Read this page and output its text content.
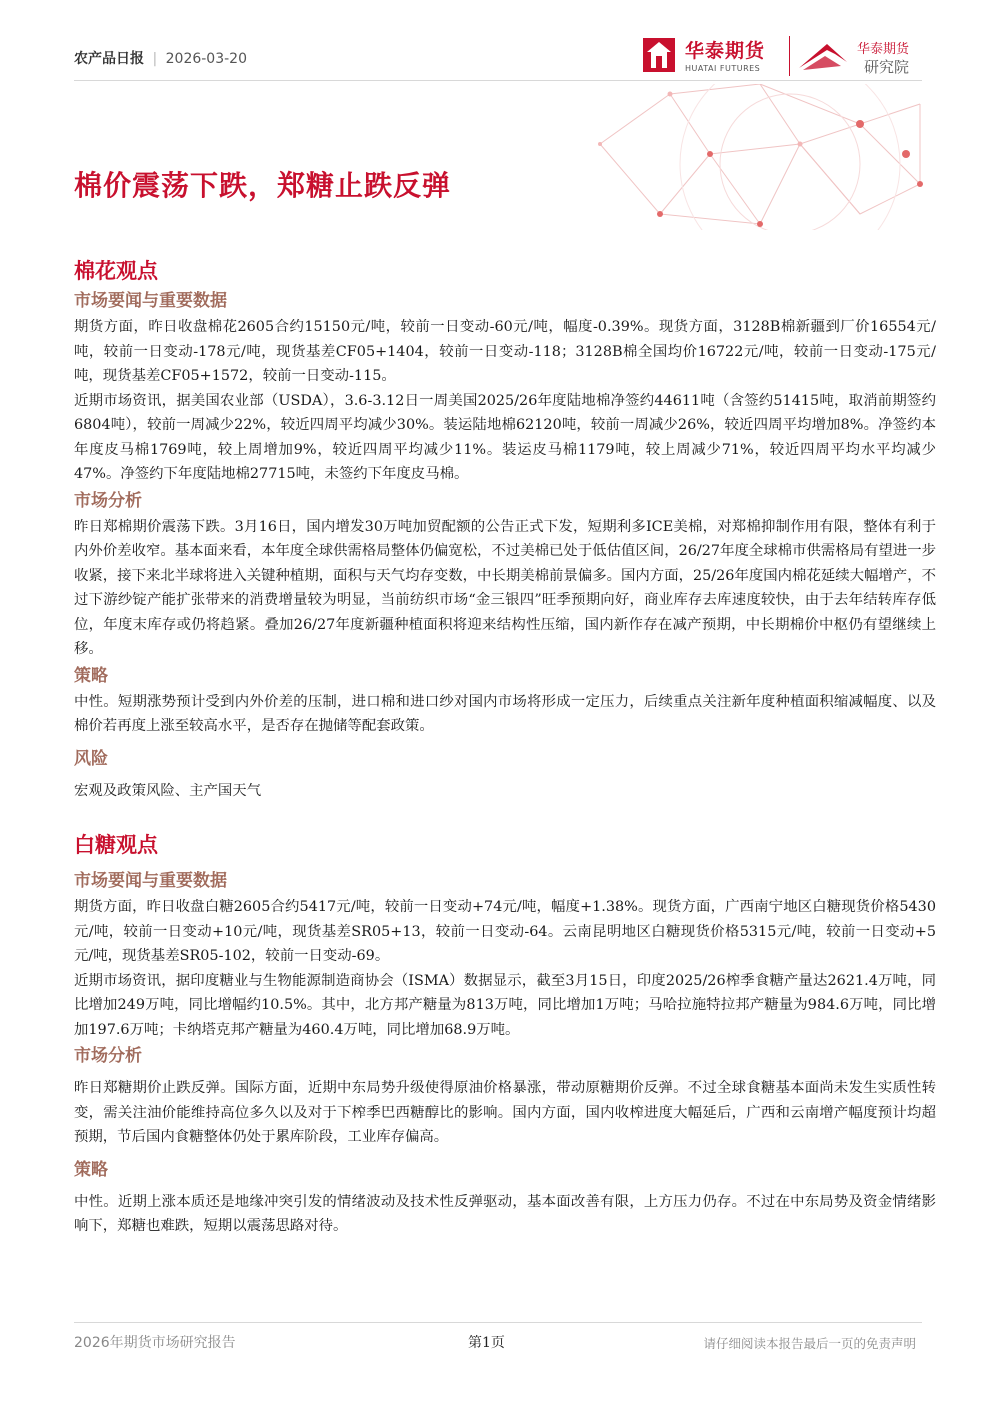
农产品日报 | 2026-03-20	华泰期货
HUATAI FUTURES
华泰期货
研究院
棉价震荡下跌，郑糖止跌反弹
棉花观点
市场要闻与重要数据

期货方面，昨日收盘棉花2605合约15150元/吨，较前一日变动-60元/吨，幅度-0.39%。现货方面，3128B棉新疆到厂价16554元/吨，较前一日变动-178元/吨，现货基差CF05+1404，较前一日变动-118；3128B棉全国均价16722元/吨，较前一日变动-175元/吨，现货基差CF05+1572，较前一日变动-115。

近期市场资讯，据美国农业部（USDA），3.6-3.12日一周美国2025/26年度陆地棉净签约44611吨（含签约51415吨，取消前期签约6804吨），较前一周减少22%，较近四周平均减少30%。装运陆地棉62120吨，较前一周减少26%，较近四周平均增加8%。净签约本年度皮马棉1769吨，较上周增加9%，较近四周平均减少11%。装运皮马棉1179吨，较上周减少71%，较近四周平均水平均减少47%。净签约下年度陆地棉27715吨，未签约下年度皮马棉。

市场分析

昨日郑棉期价震荡下跌。3月16日，国内增发30万吨加贸配额的公告正式下发，短期利多ICE美棉，对郑棉抑制作用有限，整体有利于内外价差收窄。基本面来看，本年度全球供需格局整体仍偏宽松，不过美棉已处于低估值区间，26/27年度全球棉市供需格局有望进一步收紧，接下来北半球将进入关键种植期，面积与天气均存变数，中长期美棉前景偏多。国内方面，25/26年度国内棉花延续大幅增产，不过下游纱锭产能扩张带来的消费增量较为明显，当前纺织市场“金三银四”旺季预期向好，商业库存去库速度较快，由于去年结转库存低位，年度末库存或仍将趋紧。叠加26/27年度新疆种植面积将迎来结构性压缩，国内新作存在减产预期，中长期棉价中枢仍有望继续上移。

策略

中性。短期涨势预计受到内外价差的压制，进口棉和进口纱对国内市场将形成一定压力，后续重点关注新年度种植面积缩减幅度、以及棉价若再度上涨至较高水平，是否存在抛储等配套政策。

风险

宏观及政策风险、主产国天气

白糖观点
市场要闻与重要数据

期货方面，昨日收盘白糖2605合约5417元/吨，较前一日变动+74元/吨，幅度+1.38%。现货方面，广西南宁地区白糖现货价格5430元/吨，较前一日变动+10元/吨，现货基差SR05+13，较前一日变动-64。云南昆明地区白糖现货价格5315元/吨，较前一日变动+5元/吨，现货基差SR05-102，较前一日变动-69。

近期市场资讯，据印度糖业与生物能源制造商协会（ISMA）数据显示，截至3月15日，印度2025/26榨季食糖产量达2621.4万吨，同比增加249万吨，同比增幅约10.5%。其中，北方邦产糖量为813万吨，同比增加1万吨；马哈拉施特拉邦产糖量为984.6万吨，同比增加197.6万吨；卡纳塔克邦产糖量为460.4万吨，同比增加68.9万吨。

市场分析

昨日郑糖期价止跌反弹。国际方面，近期中东局势升级使得原油价格暴涨，带动原糖期价反弹。不过全球食糖基本面尚未发生实质性转变，需关注油价能维持高位多久以及对于下榨季巴西糖醇比的影响。国内方面，国内收榨进度大幅延后，广西和云南增产幅度预计均超预期，节后国内食糖整体仍处于累库阶段，工业库存偏高。

策略

中性。近期上涨本质还是地缘冲突引发的情绪波动及技术性反弹驱动，基本面改善有限，上方压力仍存。不过在中东局势及资金情绪影响下，郑糖也难跌，短期以震荡思路对待。

2026年期货市场研究报告	第1页	请仔细阅读本报告最后一页的免责声明
